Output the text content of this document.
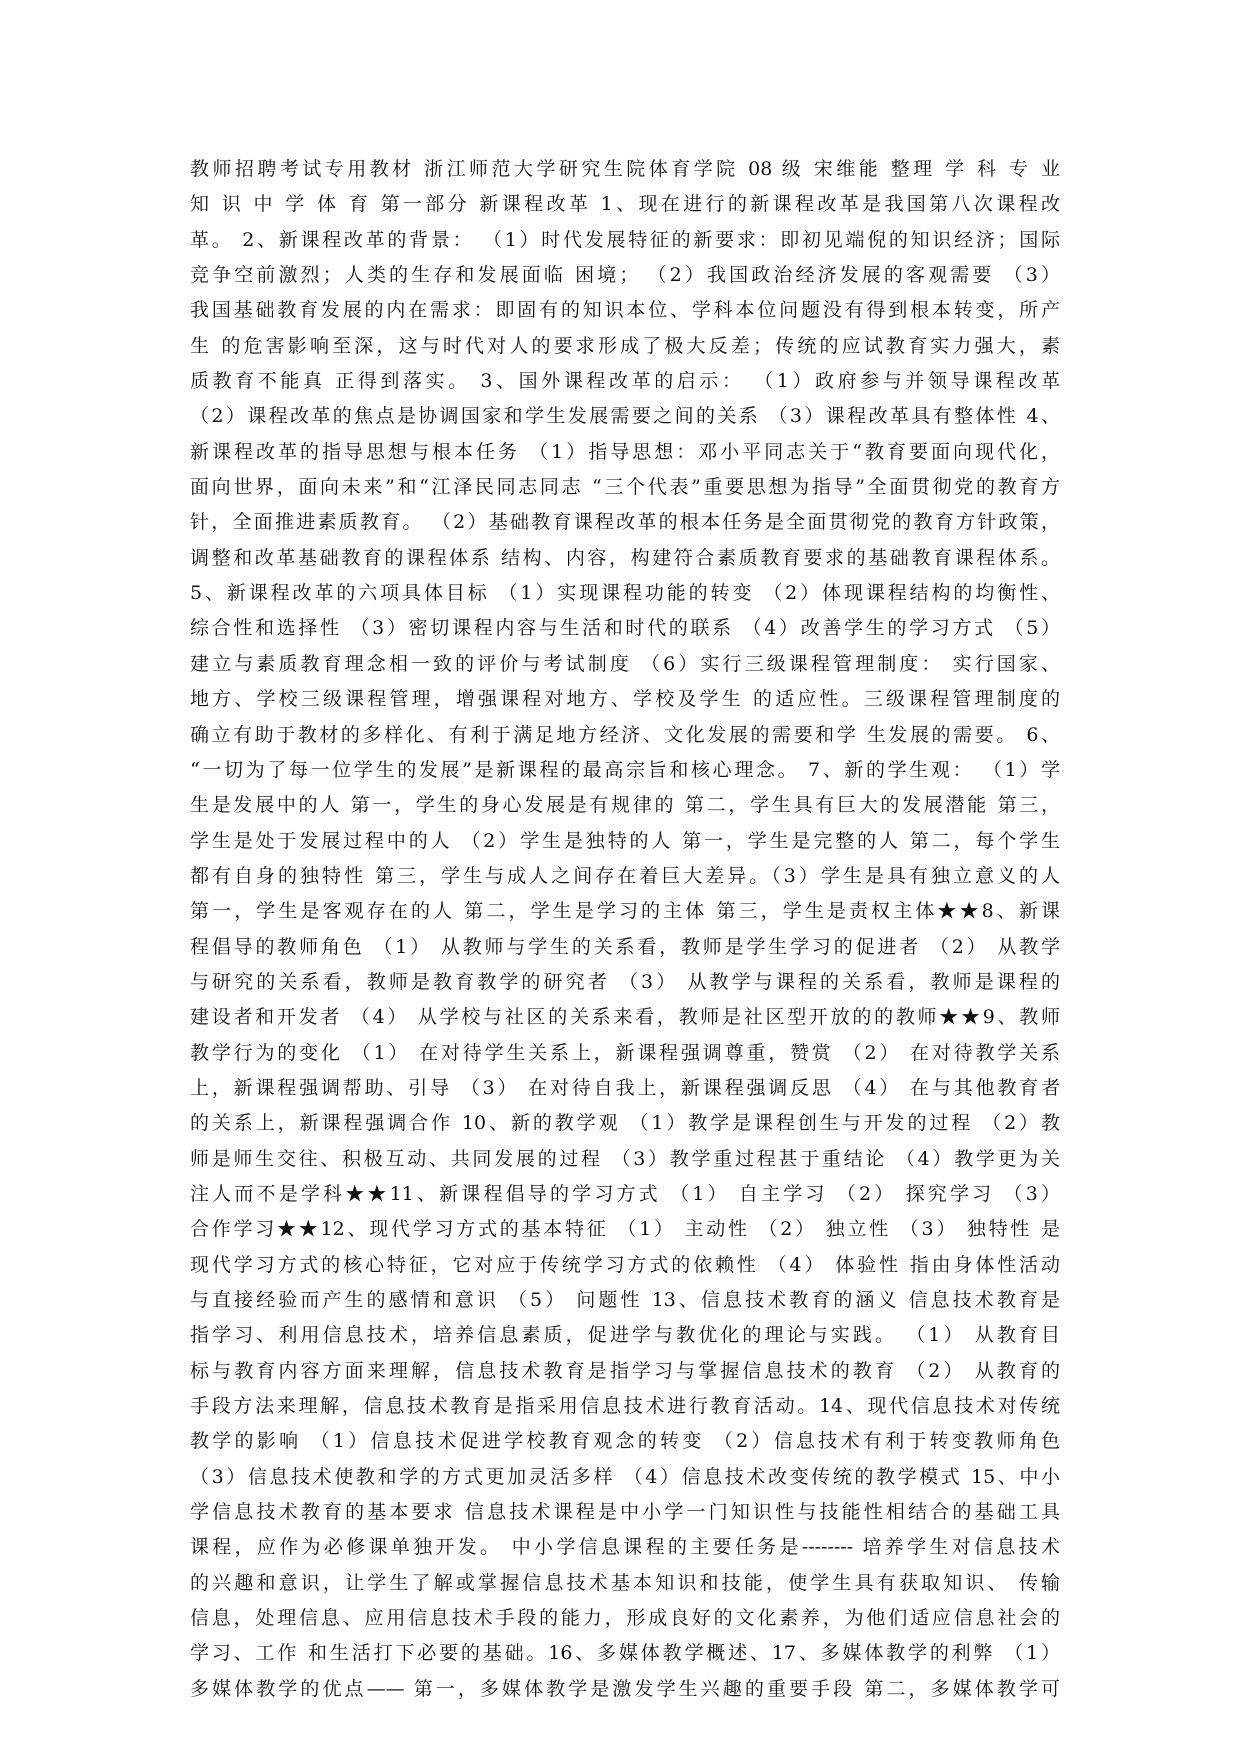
教师招聘考试专用教材 浙江师范大学研究生院体育学院 08 级 宋维能 整理 学 科 专 业
知 识 中 学 体 育 第一部分 新课程改革 1、现在进行的新课程改革是我国第八次课程改
革。 2、新课程改革的背景： （1）时代发展特征的新要求：即初见端倪的知识经济；国际
竞争空前激烈；人类的生存和发展面临 困境； （2）我国政治经济发展的客观需要 （3）
我国基础教育发展的内在需求：即固有的知识本位、学科本位问题没有得到根本转变，所产
生 的危害影响至深，这与时代对人的要求形成了极大反差；传统的应试教育实力强大，素
质教育不能真 正得到落实。 3、国外课程改革的启示： （1）政府参与并领导课程改革
（2）课程改革的焦点是协调国家和学生发展需要之间的关系 （3）课程改革具有整体性 4、
新课程改革的指导思想与根本任务 （1）指导思想：邓小平同志关于“教育要面向现代化，
面向世界，面向未来”和“江泽民同志同志 “三个代表”重要思想为指导”全面贯彻党的教育方
针，全面推进素质教育。 （2）基础教育课程改革的根本任务是全面贯彻党的教育方针政策，
调整和改革基础教育的课程体系 结构、内容，构建符合素质教育要求的基础教育课程体系。
5、新课程改革的六项具体目标 （1）实现课程功能的转变 （2）体现课程结构的均衡性、
综合性和选择性 （3）密切课程内容与生活和时代的联系 （4）改善学生的学习方式 （5）
建立与素质教育理念相一致的评价与考试制度 （6）实行三级课程管理制度： 实行国家、
地方、学校三级课程管理，增强课程对地方、学校及学生 的适应性。三级课程管理制度的
确立有助于教材的多样化、有利于满足地方经济、文化发展的需要和学 生发展的需要。 6、
“一切为了每一位学生的发展”是新课程的最高宗旨和核心理念。 7、新的学生观： （1）学
生是发展中的人 第一，学生的身心发展是有规律的 第二，学生具有巨大的发展潜能 第三，
学生是处于发展过程中的人 （2）学生是独特的人 第一，学生是完整的人 第二，每个学生
都有自身的独特性 第三，学生与成人之间存在着巨大差异。（3）学生是具有独立意义的人
第一，学生是客观存在的人 第二，学生是学习的主体 第三，学生是责权主体★★8、新课
程倡导的教师角色 （1） 从教师与学生的关系看，教师是学生学习的促进者 （2） 从教学
与研究的关系看，教师是教育教学的研究者 （3） 从教学与课程的关系看，教师是课程的
建设者和开发者 （4） 从学校与社区的关系来看，教师是社区型开放的的教师★★9、教师
教学行为的变化 （1） 在对待学生关系上，新课程强调尊重，赞赏 （2） 在对待教学关系
上，新课程强调帮助、引导 （3） 在对待自我上，新课程强调反思 （4） 在与其他教育者
的关系上，新课程强调合作 10、新的教学观 （1）教学是课程创生与开发的过程 （2）教
师是师生交往、积极互动、共同发展的过程 （3）教学重过程甚于重结论 （4）教学更为关
注人而不是学科★★11、新课程倡导的学习方式 （1） 自主学习 （2） 探究学习 （3）
合作学习★★12、现代学习方式的基本特征 （1） 主动性 （2） 独立性 （3） 独特性 是
现代学习方式的核心特征，它对应于传统学习方式的依赖性 （4） 体验性 指由身体性活动
与直接经验而产生的感情和意识 （5） 问题性 13、信息技术教育的涵义 信息技术教育是
指学习、利用信息技术，培养信息素质，促进学与教优化的理论与实践。 （1） 从教育目
标与教育内容方面来理解，信息技术教育是指学习与掌握信息技术的教育 （2） 从教育的
手段方法来理解，信息技术教育是指采用信息技术进行教育活动。14、现代信息技术对传统
教学的影响 （1）信息技术促进学校教育观念的转变 （2）信息技术有利于转变教师角色
（3）信息技术使教和学的方式更加灵活多样 （4）信息技术改变传统的教学模式 15、中小
学信息技术教育的基本要求 信息技术课程是中小学一门知识性与技能性相结合的基础工具
课程，应作为必修课单独开发。 中小学信息课程的主要任务是-------- 培养学生对信息技术
的兴趣和意识，让学生了解或掌握信息技术基本知识和技能，使学生具有获取知识、 传输
信息，处理信息、应用信息技术手段的能力，形成良好的文化素养，为他们适应信息社会的
学习、工作 和生活打下必要的基础。16、多媒体教学概述、17、多媒体教学的利弊 （1）
多媒体教学的优点—— 第一，多媒体教学是激发学生兴趣的重要手段 第二，多媒体教学可
